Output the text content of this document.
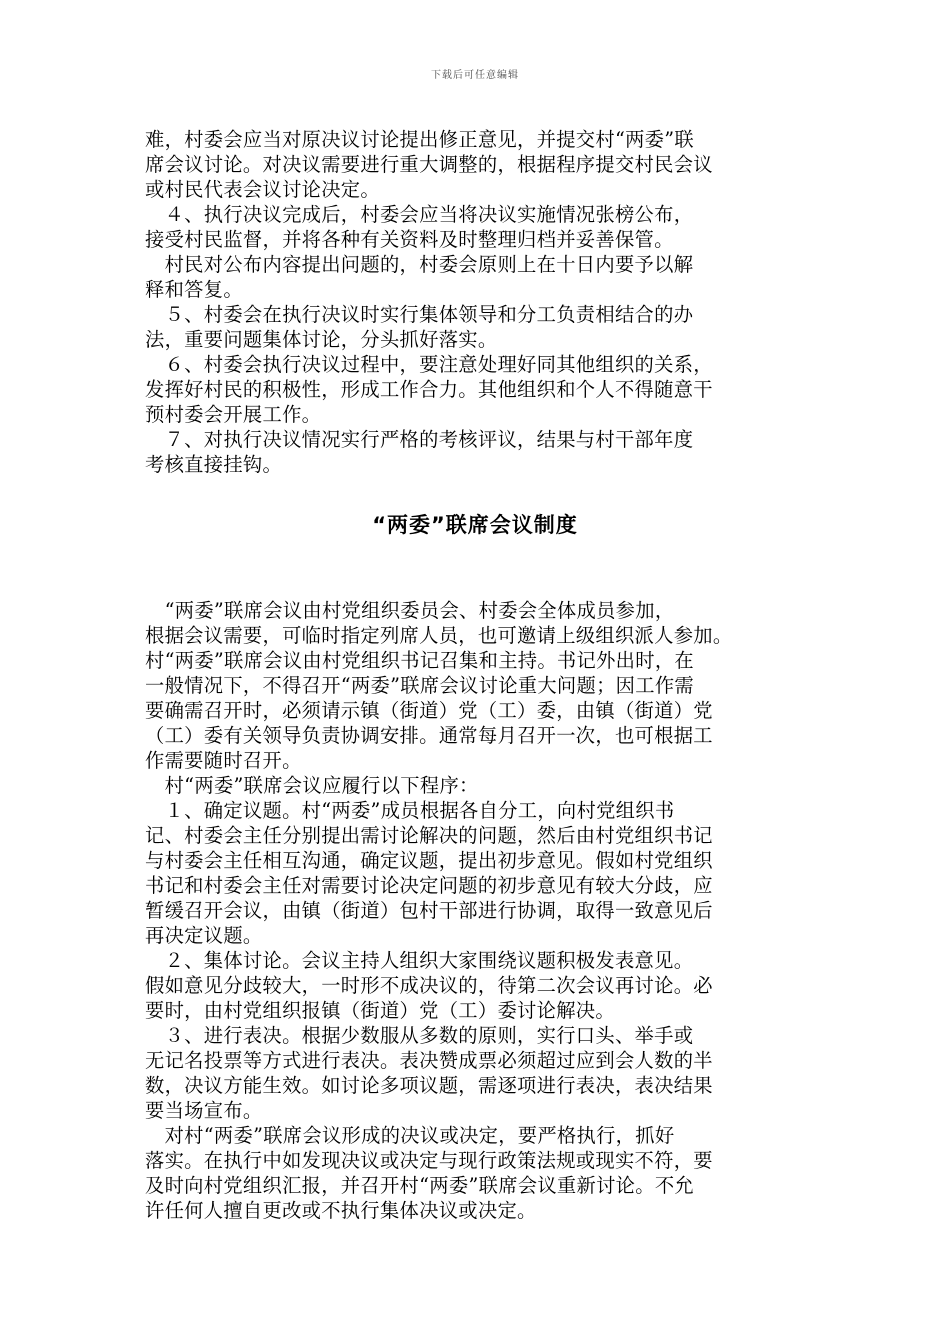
下载后可任意编辑

难，村委会应当对原决议讨论提出修正意见，并提交村“两委”联

席会议讨论。对决议需要进行重大调整的，根据程序提交村民会议

或村民代表会议讨论决定。

　４、执行决议完成后，村委会应当将决议实施情况张榜公布，

接受村民监督，并将各种有关资料及时整理归档并妥善保管。

　村民对公布内容提出问题的，村委会原则上在十日内要予以解

释和答复。

　５、村委会在执行决议时实行集体领导和分工负责相结合的办

法，重要问题集体讨论，分头抓好落实。

　６、村委会执行决议过程中，要注意处理好同其他组织的关系，

发挥好村民的积极性，形成工作合力。其他组织和个人不得随意干

预村委会开展工作。

　７、对执行决议情况实行严格的考核评议，结果与村干部年度

考核直接挂钩。

“两委”联席会议制度

　“两委”联席会议由村党组织委员会、村委会全体成员参加，

根据会议需要，可临时指定列席人员，也可邀请上级组织派人参加。

村“两委”联席会议由村党组织书记召集和主持。书记外出时，在

一般情况下，不得召开“两委”联席会议讨论重大问题；因工作需

要确需召开时，必须请示镇（街道）党（工）委，由镇（街道）党

（工）委有关领导负责协调安排。通常每月召开一次，也可根据工

作需要随时召开。

　村“两委”联席会议应履行以下程序：

　１、确定议题。村“两委”成员根据各自分工，向村党组织书

记、村委会主任分别提出需讨论解决的问题，然后由村党组织书记

与村委会主任相互沟通，确定议题，提出初步意见。假如村党组织

书记和村委会主任对需要讨论决定问题的初步意见有较大分歧，应

暂缓召开会议，由镇（街道）包村干部进行协调，取得一致意见后

再决定议题。

　２、集体讨论。会议主持人组织大家围绕议题积极发表意见。

假如意见分歧较大，一时形不成决议的，待第二次会议再讨论。必

要时，由村党组织报镇（街道）党（工）委讨论解决。

　３、进行表决。根据少数服从多数的原则，实行口头、举手或

无记名投票等方式进行表决。表决赞成票必须超过应到会人数的半

数，决议方能生效。如讨论多项议题，需逐项进行表决，表决结果

要当场宣布。

　对村“两委”联席会议形成的决议或决定，要严格执行，抓好

落实。在执行中如发现决议或决定与现行政策法规或现实不符，要

及时向村党组织汇报，并召开村“两委”联席会议重新讨论。不允

许任何人擅自更改或不执行集体决议或决定。
